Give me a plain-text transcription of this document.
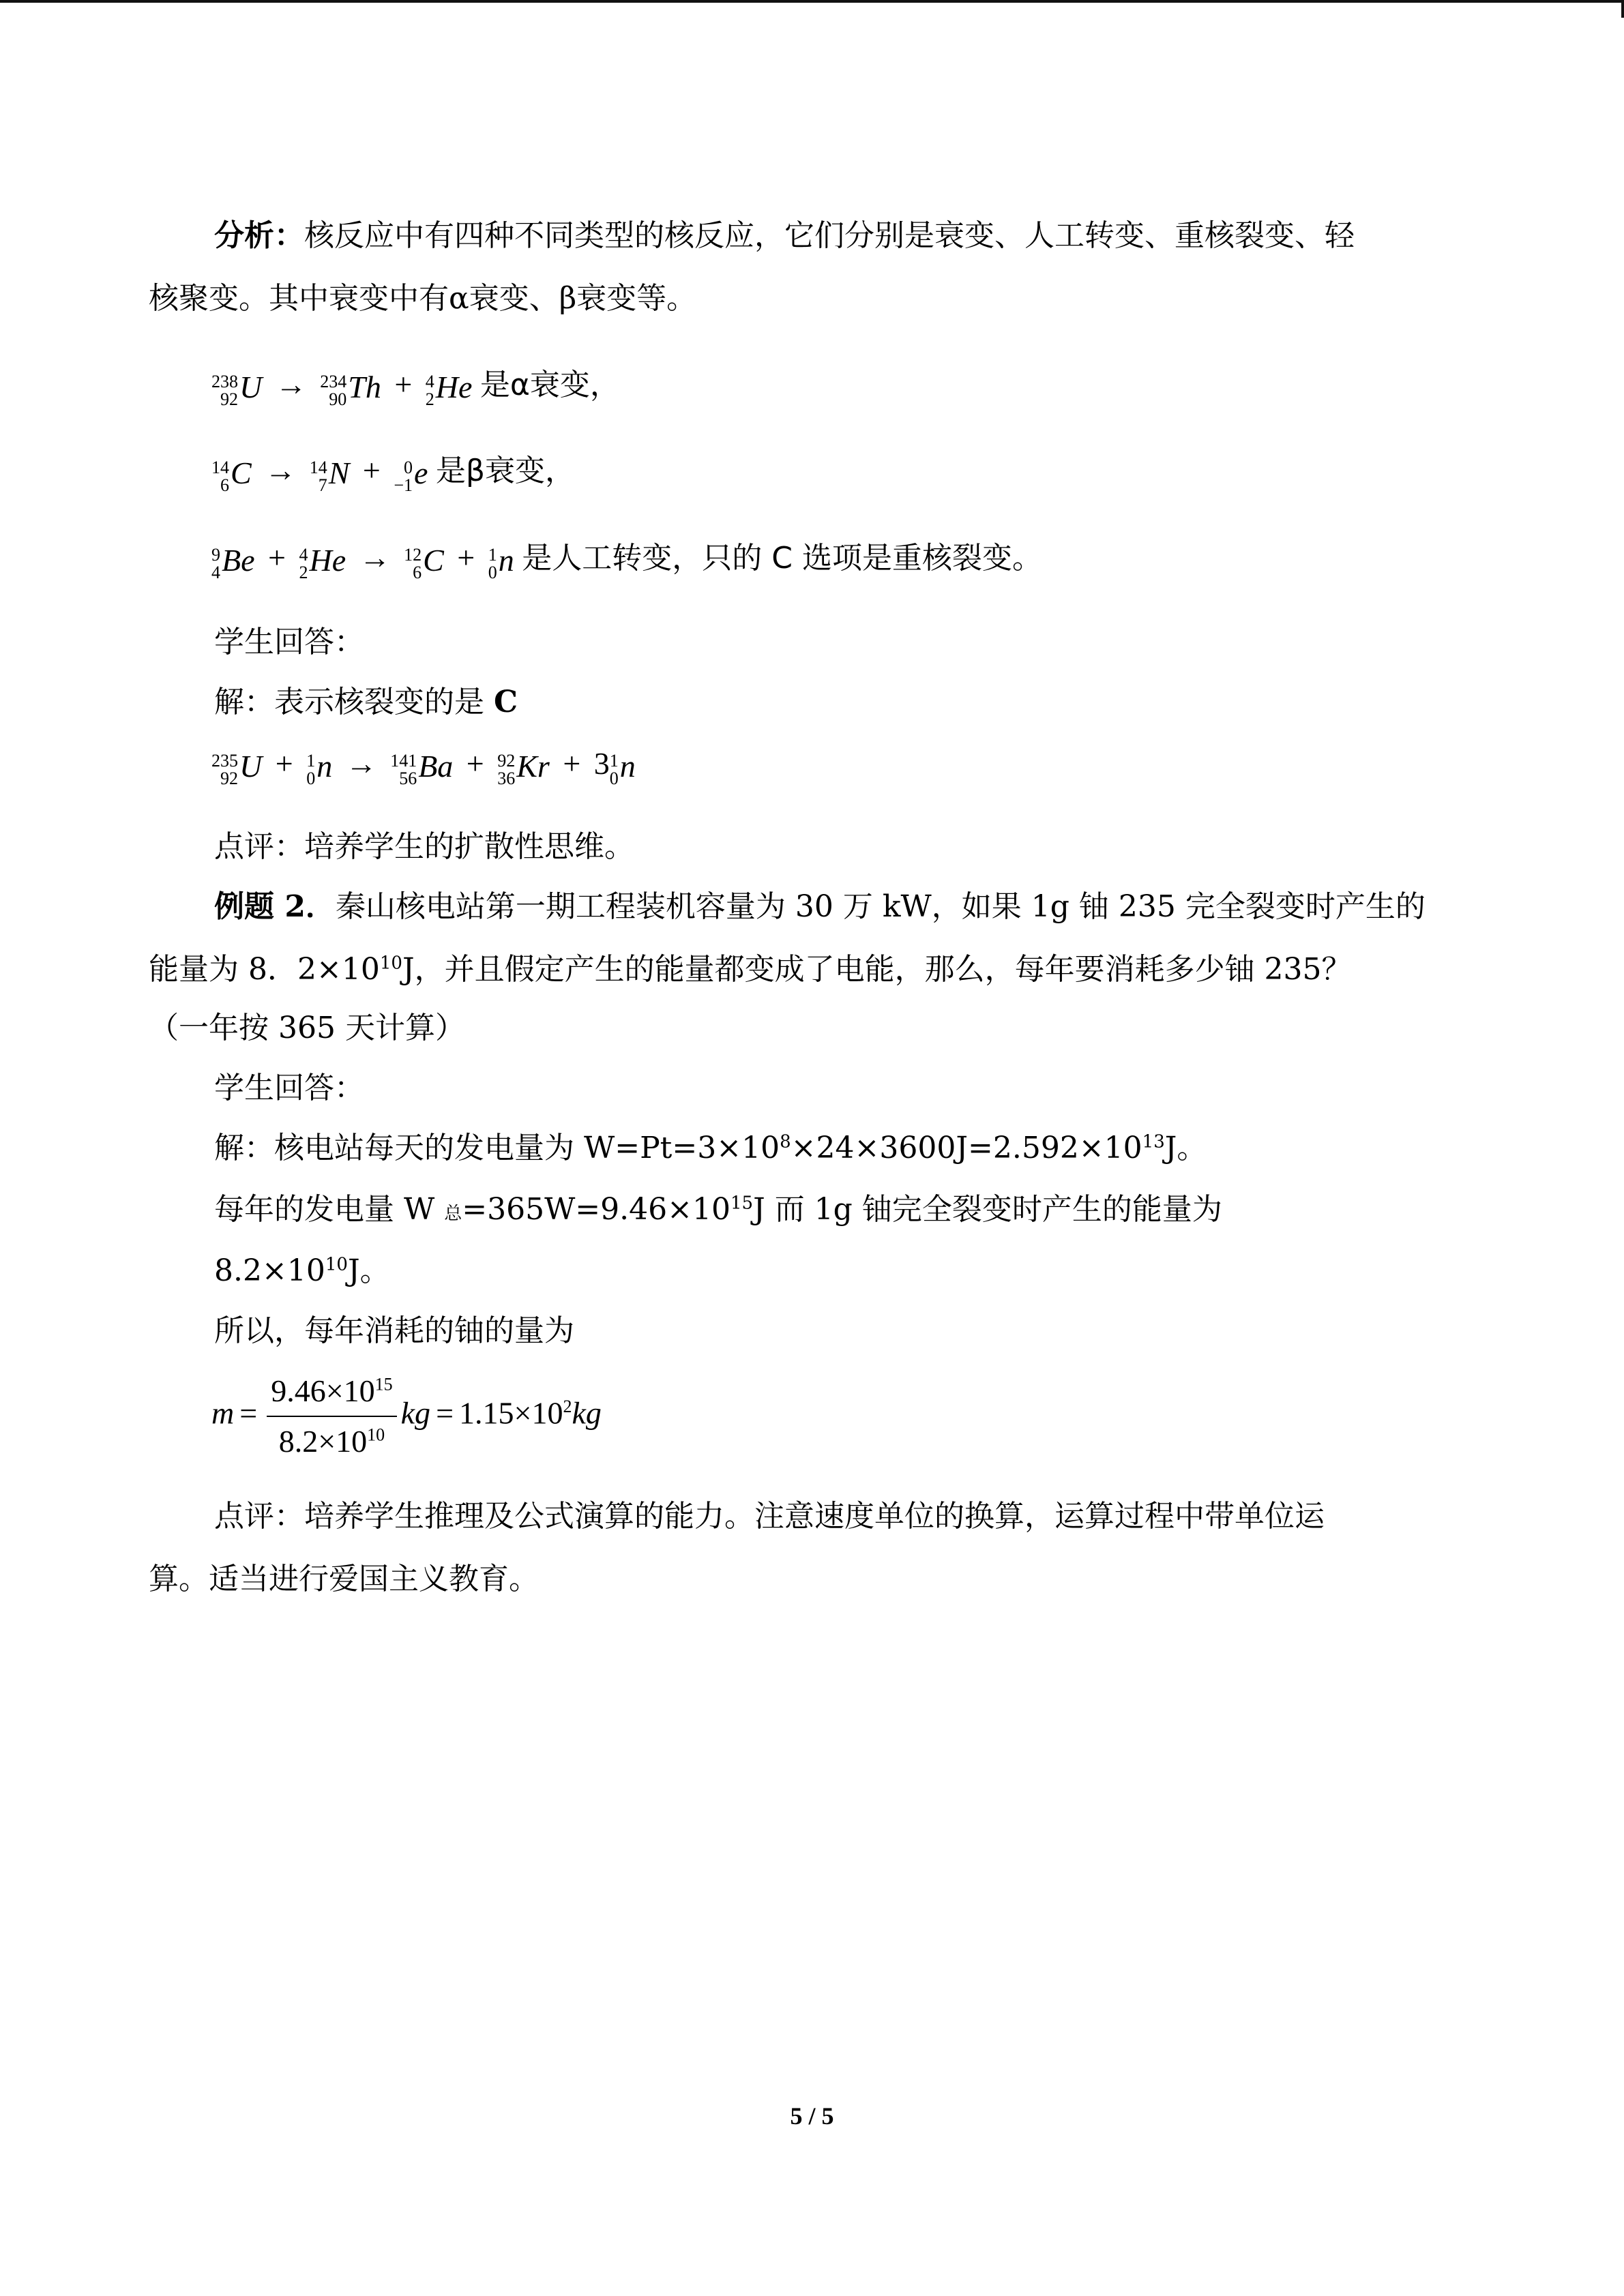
分析：核反应中有四种不同类型的核反应，它们分别是衰变、人工转变、重核裂变、轻
核聚变。其中衰变中有α衰变、β衰变等。
238
92 U → 234
90 Th + 4
2 He 是α衰变，
14
6 C → 14
7 N + 0
−1 e 是β衰变，
9
4 Be + 4
2 He → 12
6 C + 1
0 n 是人工转变，只的 C 选项是重核裂变。
学生回答：
解：表示核裂变的是 C
235
92 U + 1
0 n → 141
56 Ba + 92
36 Kr + 3 1
0 n
点评：培养学生的扩散性思维。
例题 2．秦山核电站第一期工程装机容量为 30 万 kW，如果 1g 铀 235 完全裂变时产生的
能量为 8．$2\times 10^{10}J$，并且假定产生的能量都变成了电能，那么，每年要消耗多少铀 235？
（一年按 365 天计算）
学生回答：
解：核电站每天的发电量为 $W=Pt=3\times 10^8\times 24\times 3600J=2.592\times 10^{13}J$。
每年的发电量 W 总$=365W=9.46\times 10^{15}J$ 而 1g 铀完全裂变时产生的能量为
$8.2\times 10^{10}J$。
所以，每年消耗的铀的量为
$m = \frac{9.46\times 10^{15}}{8.2\times 10^{10}}$ kg = $1.15\times 10^2kg$
点评：培养学生推理及公式演算的能力。注意速度单位的换算，运算过程中带单位运
算。适当进行爱国主义教育。
5 / 5
